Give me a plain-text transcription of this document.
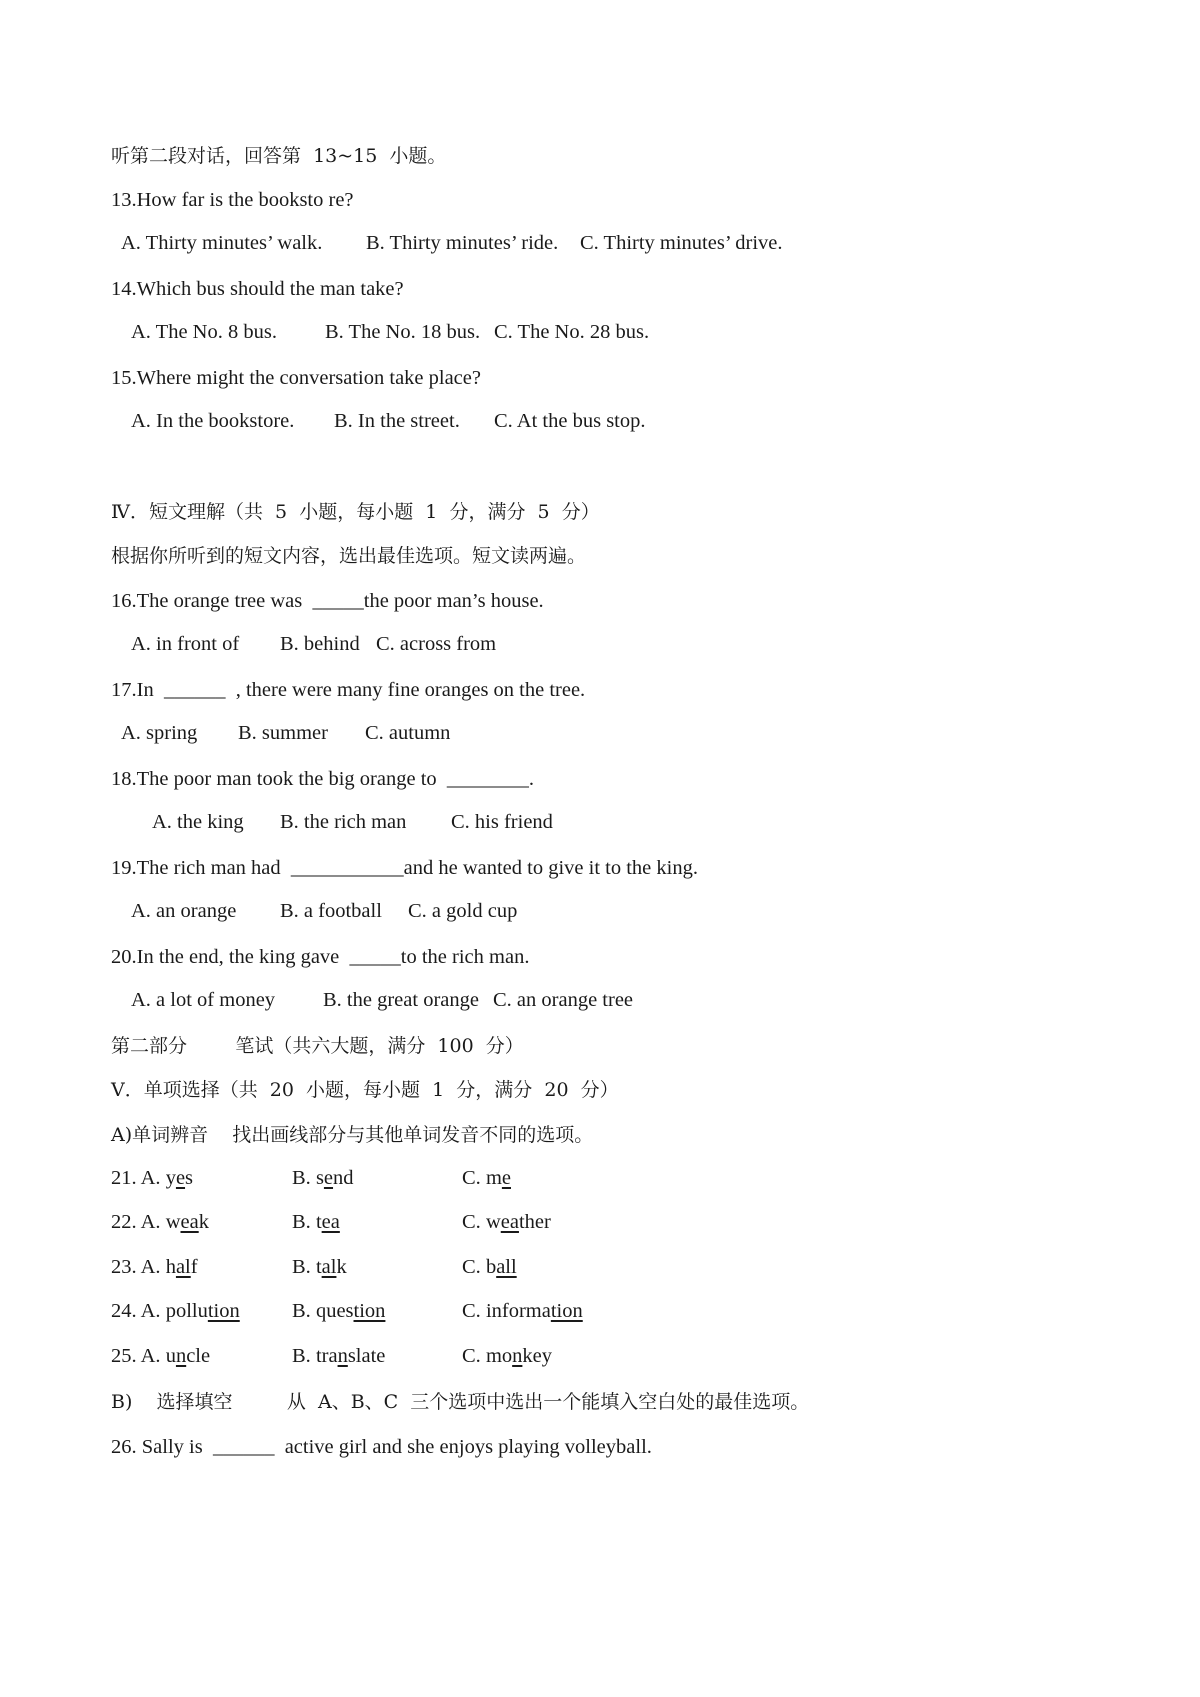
听第二段对话，回答第  13~15  小题。
13.How far is the booksto re?
A. Thirty minutes’ walk. B. Thirty minutes’ ride. C. Thirty minutes’ drive.
14.Which bus should the man take?
A. The No. 8 bus. B. The No. 18 bus. C. The No. 28 bus.
15.Where might the conversation take place?
A. In the bookstore. B. In the street. C. At the bus stop.
Ⅳ．短文理解（共  5  小题，每小题  1  分，满分  5  分）
根据你所听到的短文内容，选出最佳选项。短文读两遍。
16.The orange tree was  _____the poor man’s house.
A. in front of B. behind C. across from
17.In  ______  , there were many fine oranges on the tree.
A. spring B. summer C. autumn
18.The poor man took the big orange to  ________.
A. the king B. the rich man C. his friend
19.The rich man had  ___________and he wanted to give it to the king.
A. an orange B. a football C. a gold cup
20.In the end, the king gave  _____to the rich man.
A. a lot of money B. the great orange C. an orange tree
第二部分        笔试（共六大题，满分  100  分）
Ⅴ．单项选择（共  20  小题，每小题  1  分，满分  20  分）
A)单词辨音    找出画线部分与其他单词发音不同的选项。
21. A. yes	B. send	C. me
22. A. weak	B. tea	C. weather
23. A. half	B. talk	C. ball
24. A. pollution	B. question	C. information
25. A. uncle	B. translate	C. monkey
B)    选择填空         从  A、B、C  三个选项中选出一个能填入空白处的最佳选项。
26. Sally is  ______  active girl and she enjoys playing volleyball.
